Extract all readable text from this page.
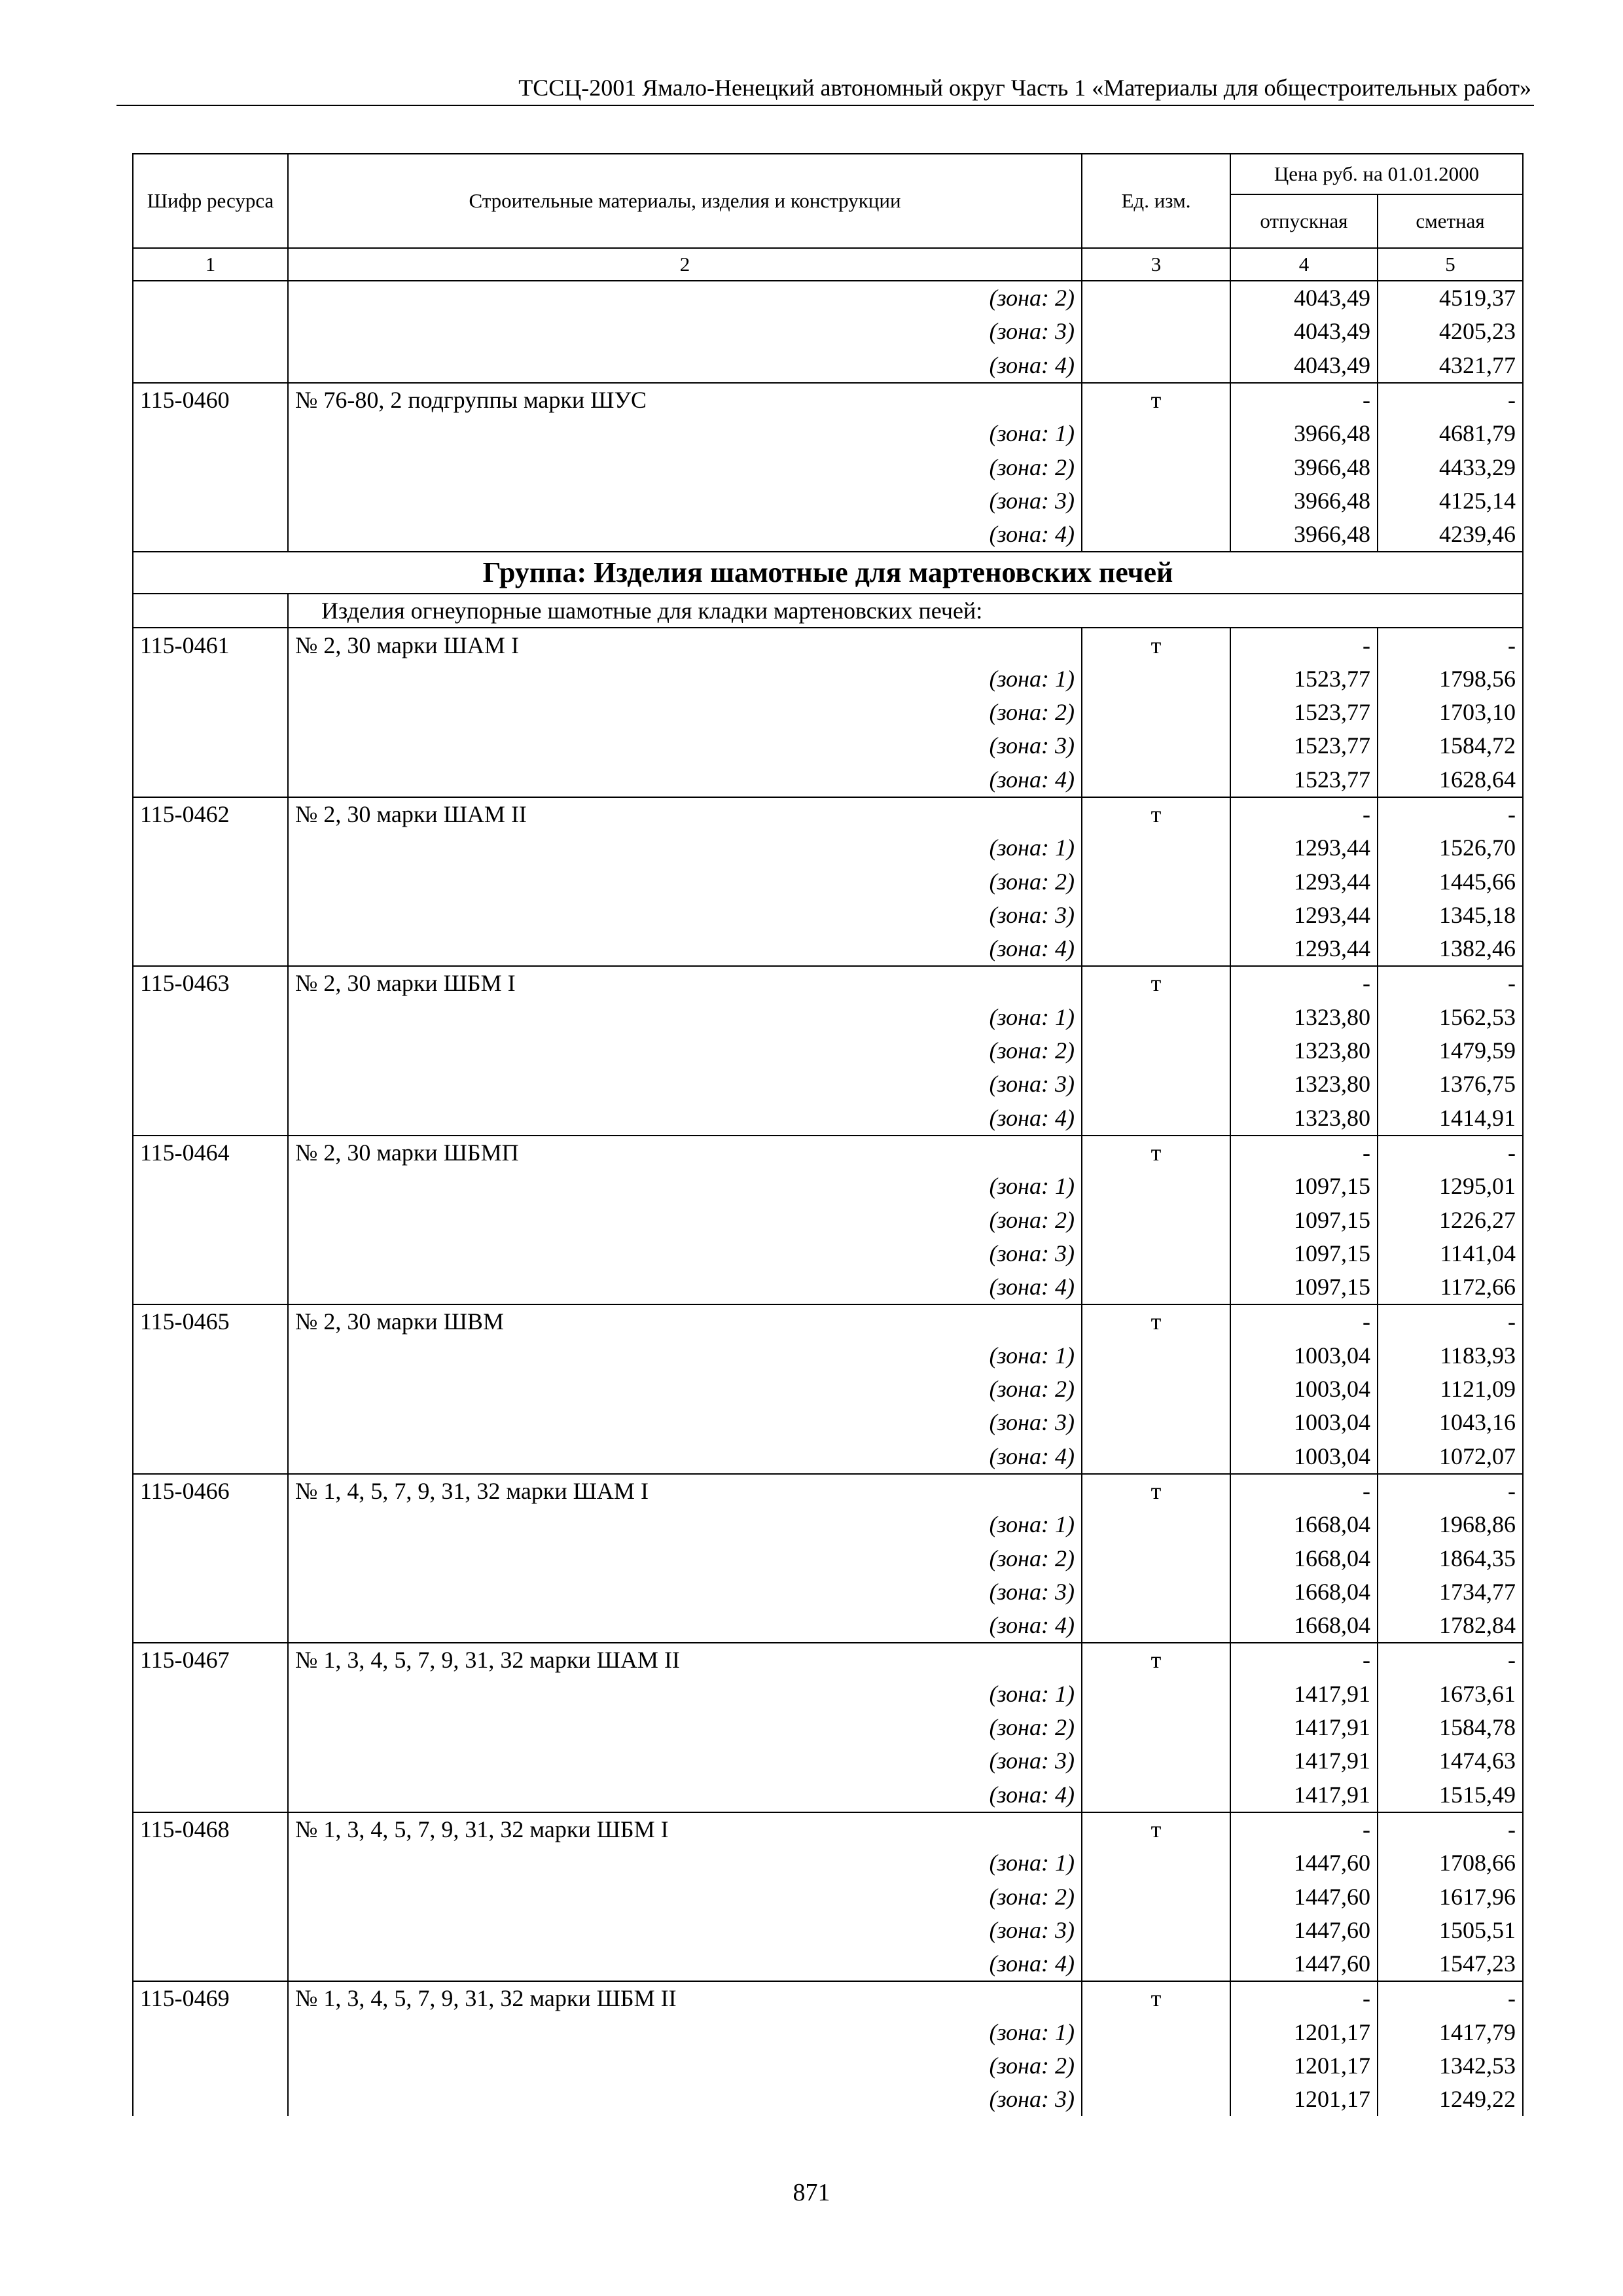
ТССЦ-2001 Ямало-Ненецкий автономный округ Часть 1 «Материалы для общестроительных работ»
Шифр ресурса	Строительные материалы, изделия и конструкции	Ед. изм.	Цена руб. на 01.01.2000	
			отпускная	сметная
1	2	3	4	5
	(зона: 2)		4043,49	4519,37
	(зона: 3)		4043,49	4205,23
	(зона: 4)		4043,49	4321,77
115-0460	№ 76-80, 2 подгруппы марки ШУС	т	-	-
	(зона: 1)		3966,48	4681,79
	(зона: 2)		3966,48	4433,29
	(зона: 3)		3966,48	4125,14
	(зона: 4)		3966,48	4239,46
Группа: Изделия шамотные для мартеновских печей				
	Изделия огнеупорные шамотные для кладки мартеновских печей:			
115-0461	№ 2, 30 марки ШАМ I	т	-	-
	(зона: 1)		1523,77	1798,56
	(зона: 2)		1523,77	1703,10
	(зона: 3)		1523,77	1584,72
	(зона: 4)		1523,77	1628,64
115-0462	№ 2, 30 марки ШАМ II	т	-	-
	(зона: 1)		1293,44	1526,70
	(зона: 2)		1293,44	1445,66
	(зона: 3)		1293,44	1345,18
	(зона: 4)		1293,44	1382,46
115-0463	№ 2, 30 марки ШБМ I	т	-	-
	(зона: 1)		1323,80	1562,53
	(зона: 2)		1323,80	1479,59
	(зона: 3)		1323,80	1376,75
	(зона: 4)		1323,80	1414,91
115-0464	№ 2, 30 марки ШБМП	т	-	-
	(зона: 1)		1097,15	1295,01
	(зона: 2)		1097,15	1226,27
	(зона: 3)		1097,15	1141,04
	(зона: 4)		1097,15	1172,66
115-0465	№ 2, 30 марки ШВМ	т	-	-
	(зона: 1)		1003,04	1183,93
	(зона: 2)		1003,04	1121,09
	(зона: 3)		1003,04	1043,16
	(зона: 4)		1003,04	1072,07
115-0466	№ 1, 4, 5, 7, 9, 31, 32 марки ШАМ I	т	-	-
	(зона: 1)		1668,04	1968,86
	(зона: 2)		1668,04	1864,35
	(зона: 3)		1668,04	1734,77
	(зона: 4)		1668,04	1782,84
115-0467	№ 1, 3, 4, 5, 7, 9, 31, 32 марки ШАМ II	т	-	-
	(зона: 1)		1417,91	1673,61
	(зона: 2)		1417,91	1584,78
	(зона: 3)		1417,91	1474,63
	(зона: 4)		1417,91	1515,49
115-0468	№ 1, 3, 4, 5, 7, 9, 31, 32 марки ШБМ I	т	-	-
	(зона: 1)		1447,60	1708,66
	(зона: 2)		1447,60	1617,96
	(зона: 3)		1447,60	1505,51
	(зона: 4)		1447,60	1547,23
115-0469	№ 1, 3, 4, 5, 7, 9, 31, 32 марки ШБМ II	т	-	-
	(зона: 1)		1201,17	1417,79
	(зона: 2)		1201,17	1342,53
	(зона: 3)		1201,17	1249,22
871
